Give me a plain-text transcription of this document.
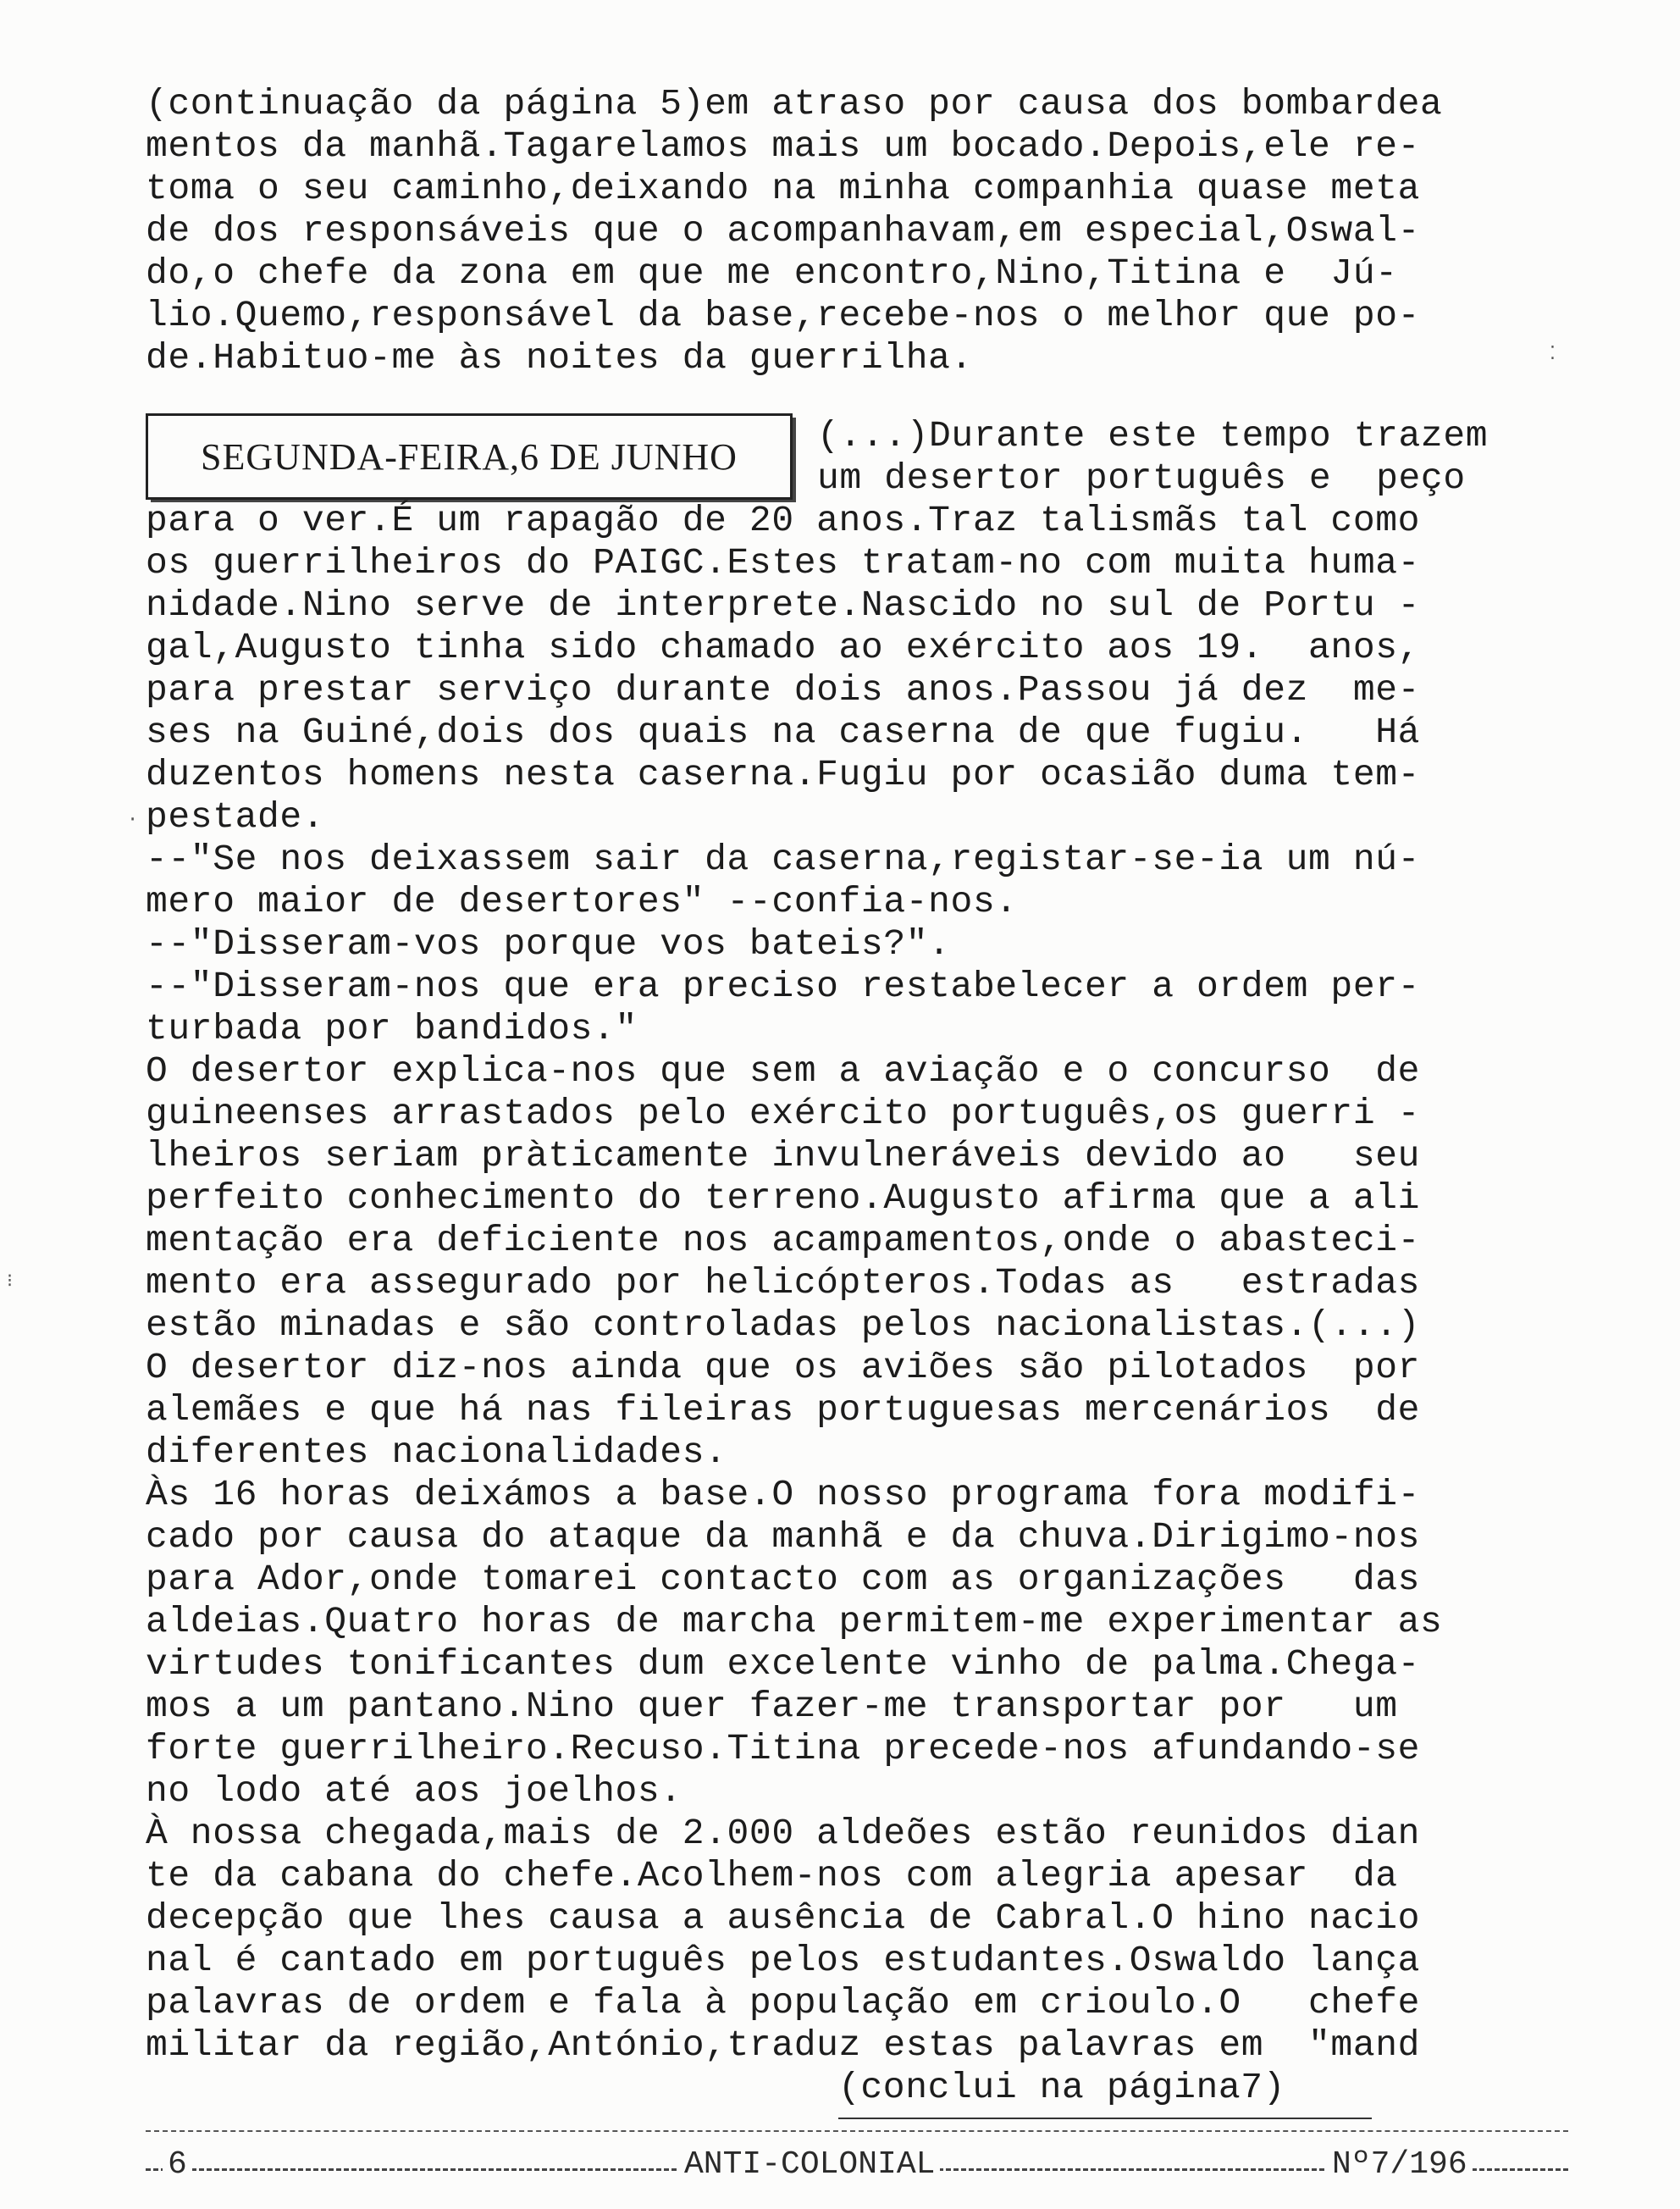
(continuação da página 5)em atraso por causa dos bombardea
mentos da manhã.Tagarelamos mais um bocado.Depois,ele re-
toma o seu caminho,deixando na minha companhia quase meta
de dos responsáveis que o acompanhavam,em especial,Oswal-
do,o chefe da zona em que me encontro,Nino,Titina e  Jú-
lio.Quemo,responsável da base,recebe-nos o melhor que po-
de.Habituo-me às noites da guerrilha.
SEGUNDA-FEIRA,6 DE JUNHO (...)Durante este tempo trazem
um desertor português e  peço
para o ver.É um rapagão de 20 anos.Traz talismãs tal como
os guerrilheiros do PAIGC.Estes tratam-no com muita huma-
nidade.Nino serve de interprete.Nascido no sul de Portu -
gal,Augusto tinha sido chamado ao exército aos 19.  anos,
para prestar serviço durante dois anos.Passou já dez  me-
ses na Guiné,dois dos quais na caserna de que fugiu.   Há
duzentos homens nesta caserna.Fugiu por ocasião duma tem-
pestade.
--"Se nos deixassem sair da caserna,registar-se-ia um nú-
mero maior de desertores" --confia-nos.
--"Disseram-vos porque vos bateis?".
--"Disseram-nos que era preciso restabelecer a ordem per-
turbada por bandidos."
O desertor explica-nos que sem a aviação e o concurso  de
guineenses arrastados pelo exército português,os guerri -
lheiros seriam pràticamente invulneráveis devido ao   seu
perfeito conhecimento do terreno.Augusto afirma que a ali
mentação era deficiente nos acampamentos,onde o abasteci-
mento era assegurado por helicópteros.Todas as   estradas
estão minadas e são controladas pelos nacionalistas.(...)
O desertor diz-nos ainda que os aviões são pilotados  por
alemães e que há nas fileiras portuguesas mercenários  de
diferentes nacionalidades.
Às 16 horas deixámos a base.O nosso programa fora modifi-
cado por causa do ataque da manhã e da chuva.Dirigimo-nos
para Ador,onde tomarei contacto com as organizações   das
aldeias.Quatro horas de marcha permitem-me experimentar as
virtudes tonificantes dum excelente vinho de palma.Chega-
mos a um pantano.Nino quer fazer-me transportar por   um
forte guerrilheiro.Recuso.Titina precede-nos afundando-se
no lodo até aos joelhos.
À nossa chegada,mais de 2.000 aldeões estão reunidos dian
te da cabana do chefe.Acolhem-nos com alegria apesar  da
decepção que lhes causa a ausência de Cabral.O hino nacio
nal é cantado em português pelos estudantes.Oswaldo lança
palavras de ordem e fala à população em crioulo.O   chefe
militar da região,António,traduz estas palavras em  "mand
(conclui na página7)
6	ANTI-COLONIAL	Nº7/196
·
⁝
⁚
